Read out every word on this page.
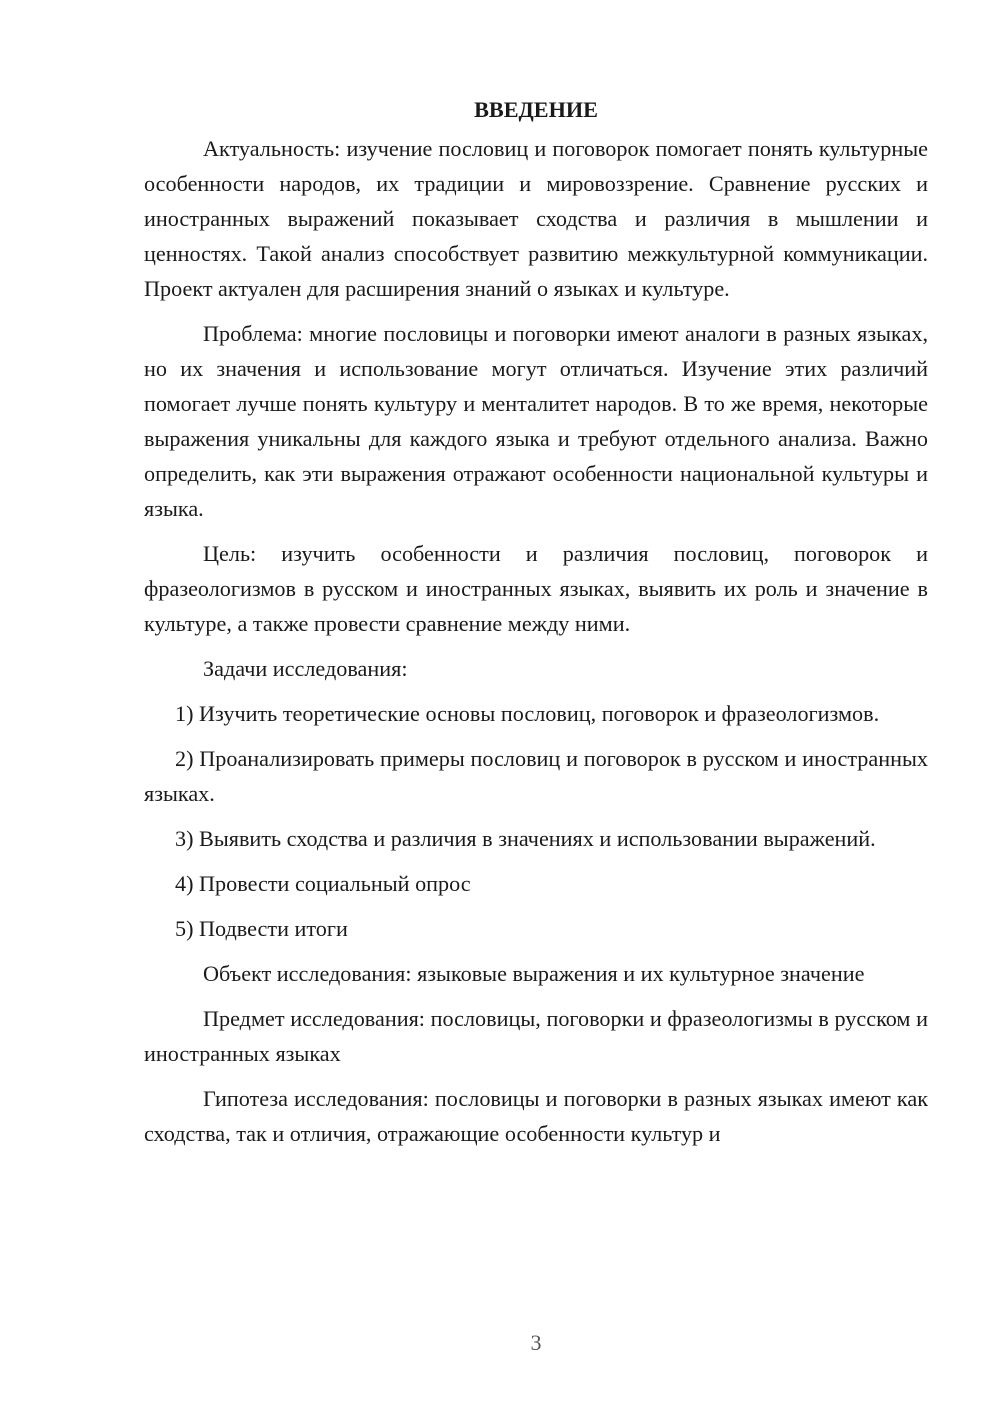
ВВЕДЕНИЕ

Актуальность: изучение пословиц и поговорок помогает понять культурные особенности народов, их традиции и мировоззрение. Сравнение русских и иностранных выражений показывает сходства и различия в мышлении и ценностях. Такой анализ способствует развитию межкультурной коммуникации. Проект актуален для расширения знаний о языках и культуре.

Проблема: многие пословицы и поговорки имеют аналоги в разных языках, но их значения и использование могут отличаться. Изучение этих различий помогает лучше понять культуру и менталитет народов. В то же время, некоторые выражения уникальны для каждого языка и требуют отдельного анализа. Важно определить, как эти выражения отражают особенности национальной культуры и языка.

Цель: изучить особенности и различия пословиц, поговорок и фразеологизмов в русском и иностранных языках, выявить их роль и значение в культуре, а также провести сравнение между ними.

Задачи исследования:

1) Изучить теоретические основы пословиц, поговорок и фразеологизмов.

2) Проанализировать примеры пословиц и поговорок в русском и иностранных языках.

3) Выявить сходства и различия в значениях и использовании выражений.

4) Провести социальный опрос

5) Подвести итоги

Объект исследования: языковые выражения и их культурное значение

Предмет исследования: пословицы, поговорки и фразеологизмы в русском и иностранных языках

Гипотеза исследования: пословицы и поговорки в разных языках имеют как сходства, так и отличия, отражающие особенности культур и

3
